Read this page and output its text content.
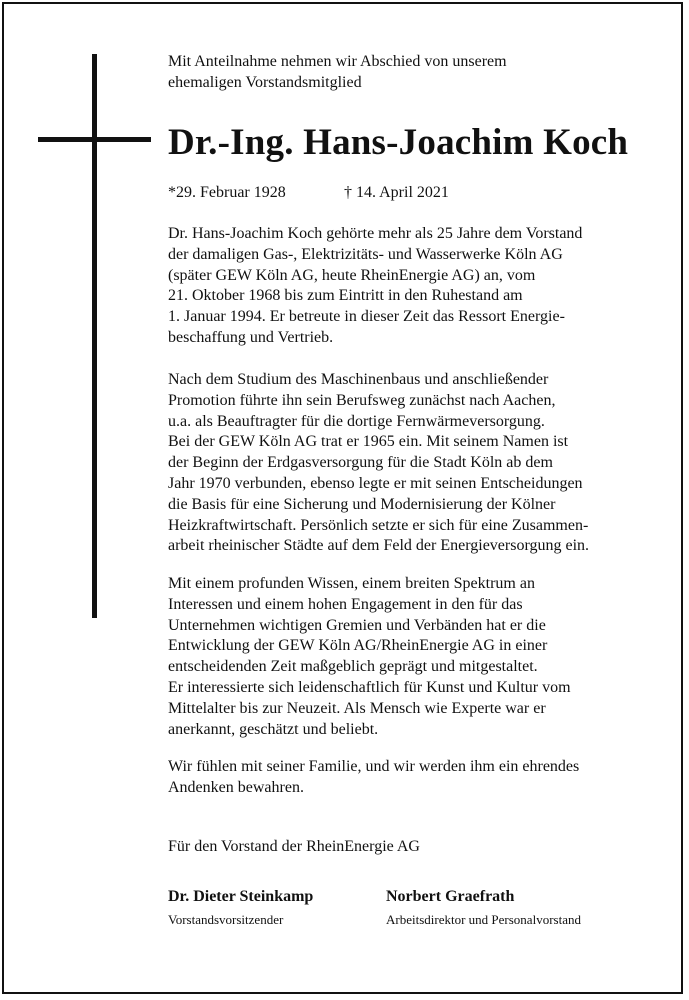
Mit Anteilnahme nehmen wir Abschied von unserem
ehemaligen Vorstandsmitglied

Dr.-Ing. Hans-Joachim Koch
*29. Februar 1928	† 14. April 2021

Dr. Hans-Joachim Koch gehörte mehr als 25 Jahre dem Vorstand
der damaligen Gas-, Elektrizitäts- und Wasserwerke Köln AG
(später GEW Köln AG, heute RheinEnergie AG) an, vom
21. Oktober 1968 bis zum Eintritt in den Ruhestand am
1. Januar 1994. Er betreute in dieser Zeit das Ressort Energie-
beschaffung und Vertrieb.

Nach dem Studium des Maschinenbaus und anschließender
Promotion führte ihn sein Berufsweg zunächst nach Aachen,
u.a. als Beauftragter für die dortige Fernwärmeversorgung.
Bei der GEW Köln AG trat er 1965 ein. Mit seinem Namen ist
der Beginn der Erdgasversorgung für die Stadt Köln ab dem
Jahr 1970 verbunden, ebenso legte er mit seinen Entscheidungen
die Basis für eine Sicherung und Modernisierung der Kölner
Heizkraftwirtschaft. Persönlich setzte er sich für eine Zusammen-
arbeit rheinischer Städte auf dem Feld der Energieversorgung ein.

Mit einem profunden Wissen, einem breiten Spektrum an
Interessen und einem hohen Engagement in den für das
Unternehmen wichtigen Gremien und Verbänden hat er die
Entwicklung der GEW Köln AG/RheinEnergie AG in einer
entscheidenden Zeit maßgeblich geprägt und mitgestaltet.
Er interessierte sich leidenschaftlich für Kunst und Kultur vom
Mittelalter bis zur Neuzeit. Als Mensch wie Experte war er
anerkannt, geschätzt und beliebt.

Wir fühlen mit seiner Familie, und wir werden ihm ein ehrendes
Andenken bewahren.

Für den Vorstand der RheinEnergie AG

Dr. Dieter Steinkamp
Vorstandsvorsitzender
Norbert Graefrath
Arbeitsdirektor und Personalvorstand
